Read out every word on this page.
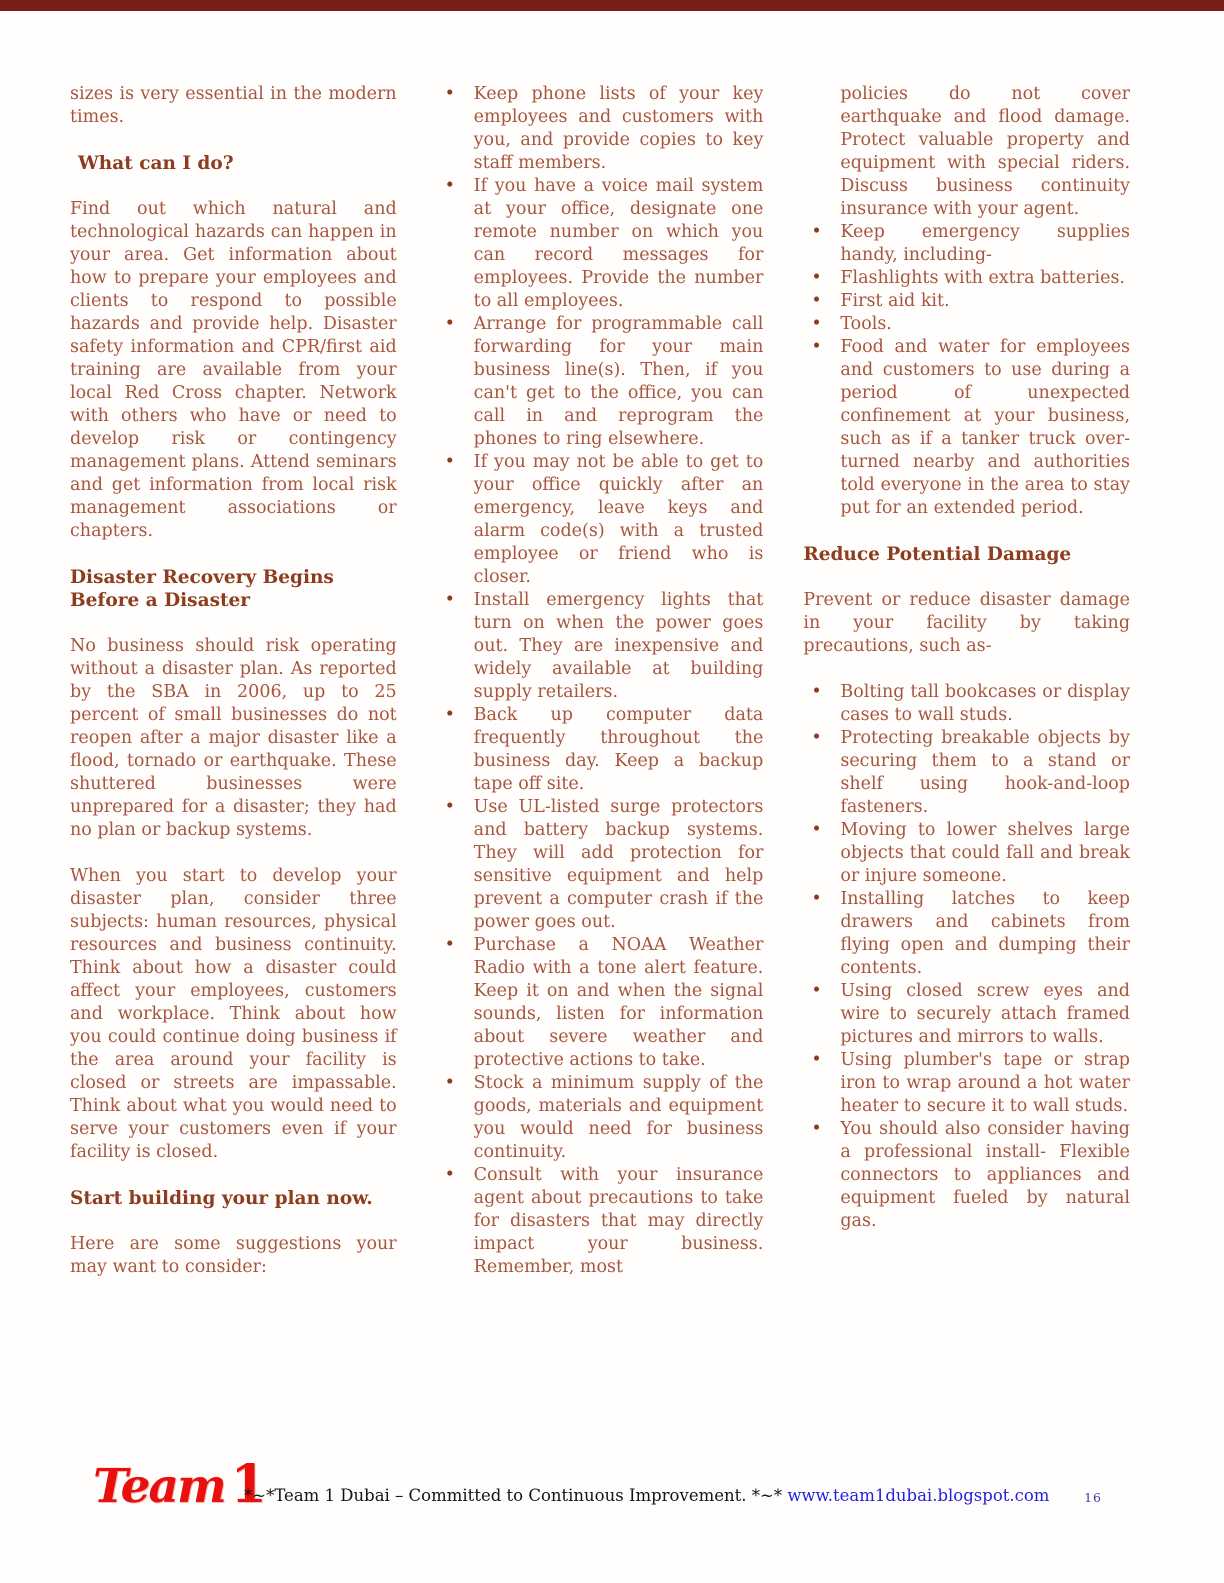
sizes is very essential in the modern times.

What can I do?

Find out which natural and technological hazards can happen in your area. Get information about how to prepare your employees and clients to respond to possible hazards and provide help. Disaster safety information and CPR/first aid training are available from your local Red Cross chapter. Network with others who have or need to develop risk or contingency management plans. Attend seminars and get information from local risk management associations or chapters.

Disaster Recovery Begins Before a Disaster

No business should risk operating without a disaster plan. As reported by the SBA in 2006, up to 25 percent of small businesses do not reopen after a major disaster like a flood, tornado or earthquake. These shuttered businesses were unprepared for a disaster; they had no plan or backup systems.

When you start to develop your disaster plan, consider three subjects: human resources, physical resources and business continuity. Think about how a disaster could affect your employees, customers and workplace. Think about how you could continue doing business if the area around your facility is closed or streets are impassable. Think about what you would need to serve your customers even if your facility is closed.

Start building your plan now.

Here are some suggestions your may want to consider:

• Keep phone lists of your key employees and customers with you, and provide copies to key staff members.
• If you have a voice mail system at your office, designate one remote number on which you can record messages for employees. Provide the number to all employees.
• Arrange for programmable call forwarding for your main business line(s). Then, if you can't get to the office, you can call in and reprogram the phones to ring elsewhere.
• If you may not be able to get to your office quickly after an emergency, leave keys and alarm code(s) with a trusted employee or friend who is closer.
• Install emergency lights that turn on when the power goes out. They are inexpensive and widely available at building supply retailers.
• Back up computer data frequently throughout the business day. Keep a backup tape off site.
• Use UL-listed surge protectors and battery backup systems. They will add protection for sensitive equipment and help prevent a computer crash if the power goes out.
• Purchase a NOAA Weather Radio with a tone alert feature. Keep it on and when the signal sounds, listen for information about severe weather and protective actions to take.
• Stock a minimum supply of the goods, materials and equipment you would need for business continuity.
• Consult with your insurance agent about precautions to take for disasters that may directly impact your business. Remember, most

policies do not cover earthquake and flood damage. Protect valuable property and equipment with special riders. Discuss business continuity insurance with your agent.

• Keep emergency supplies handy, including-
• Flashlights with extra batteries.
• First aid kit.
• Tools.
• Food and water for employees and customers to use during a period of unexpected confinement at your business, such as if a tanker truck over-turned nearby and authorities told everyone in the area to stay put for an extended period.

Reduce Potential Damage

Prevent or reduce disaster damage in your facility by taking precautions, such as-

• Bolting tall bookcases or display cases to wall studs.
• Protecting breakable objects by securing them to a stand or shelf using hook-and-loop fasteners.
• Moving to lower shelves large objects that could fall and break or injure someone.
• Installing latches to keep drawers and cabinets from flying open and dumping their contents.
• Using closed screw eyes and wire to securely attach framed pictures and mirrors to walls.
• Using plumber's tape or strap iron to wrap around a hot water heater to secure it to wall studs.
• You should also consider having a professional install- Flexible connectors to appliances and equipment fueled by natural gas.
Team 1
*~*Team 1 Dubai – Committed to Continuous Improvement. *~* www.team1dubai.blogspot.com	16
